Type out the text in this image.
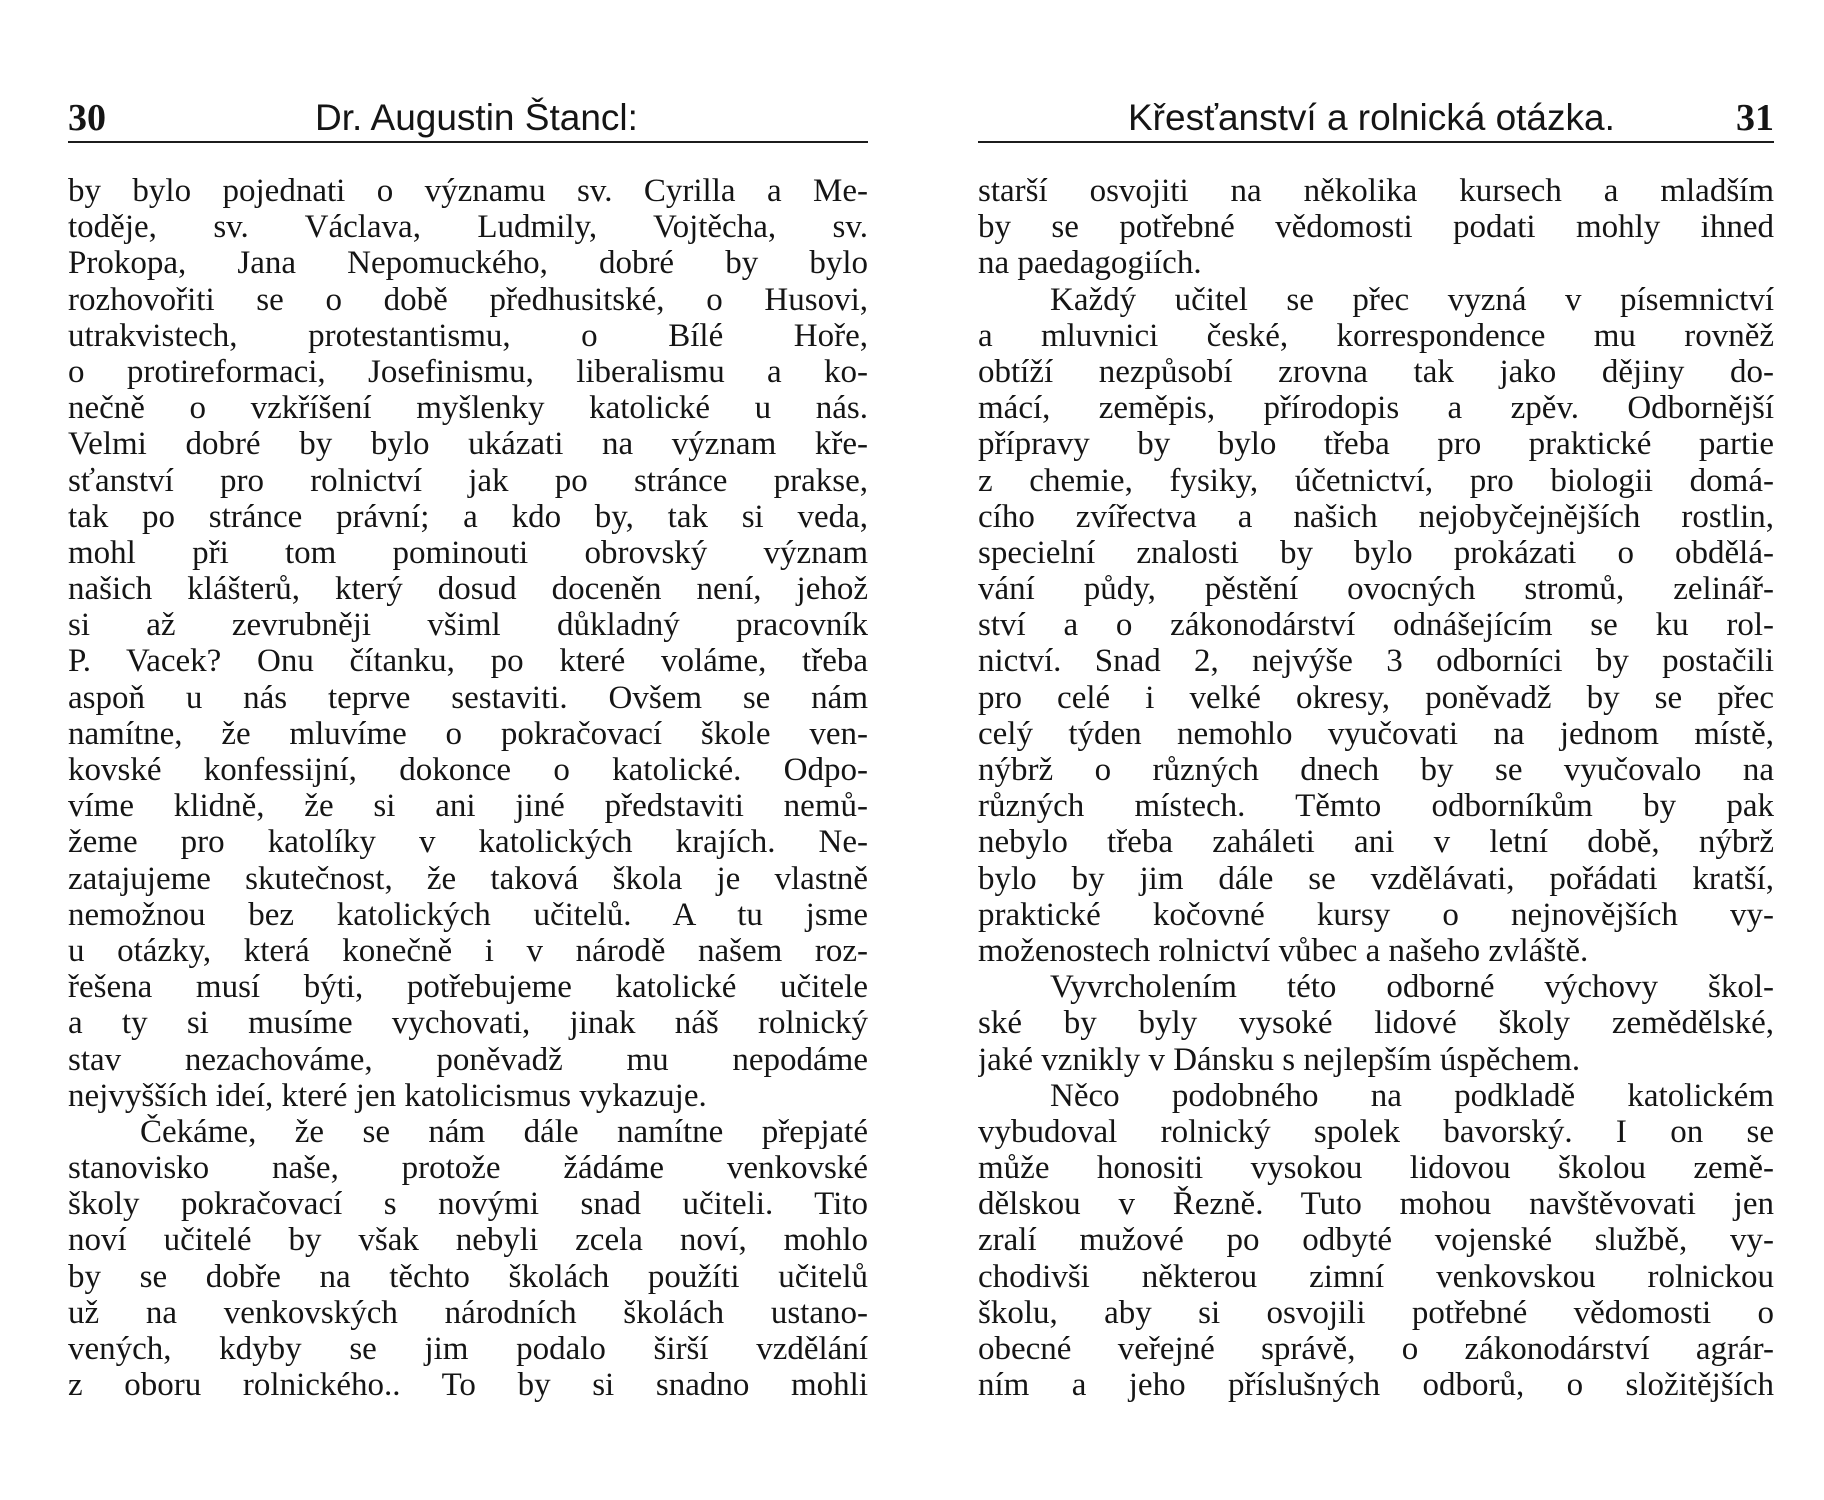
30	Dr. Augustin Štancl:
by bylo pojednati o významu sv. Cyrilla a Me-
toděje, sv. Václava, Ludmily, Vojtěcha, sv.
Prokopa, Jana Nepomuckého, dobré by bylo
rozhovořiti se o době předhusitské, o Husovi,
utrakvistech, protestantismu, o Bílé Hoře,
o protireformaci, Josefinismu, liberalismu a ko-
nečně o vzkříšení myšlenky katolické u nás.
Velmi dobré by bylo ukázati na význam kře-
sťanství pro rolnictví jak po stránce prakse,
tak po stránce právní; a kdo by, tak si veda,
mohl při tom pominouti obrovský význam
našich klášterů, který dosud doceněn není, jehož
si až zevrubněji všiml důkladný pracovník
P. Vacek? Onu čítanku, po které voláme, třeba
aspoň u nás teprve sestaviti. Ovšem se nám
namítne, že mluvíme o pokračovací škole ven-
kovské konfessijní, dokonce o katolické. Odpo-
víme klidně, že si ani jiné představiti nemů-
žeme pro katolíky v katolických krajích. Ne-
zatajujeme skutečnost, že taková škola je vlastně
nemožnou bez katolických učitelů. A tu jsme
u otázky, která konečně i v národě našem roz-
řešena musí býti, potřebujeme katolické učitele
a ty si musíme vychovati, jinak náš rolnický
stav nezachováme, poněvadž mu nepodáme
nejvyšších ideí, které jen katolicismus vykazuje.
Čekáme, že se nám dále namítne přepjaté
stanovisko naše, protože žádáme venkovské
školy pokračovací s novými snad učiteli. Tito
noví učitelé by však nebyli zcela noví, mohlo
by se dobře na těchto školách použíti učitelů
už na venkovských národních školách ustano-
vených, kdyby se jim podalo širší vzdělání
z oboru rolnického.. To by si snadno mohli
Křesťanství a rolnická otázka.	31
starší osvojiti na několika kursech a mladším
by se potřebné vědomosti podati mohly ihned
na paedagogiích.
Každý učitel se přec vyzná v písemnictví
a mluvnici české, korrespondence mu rovněž
obtíží nezpůsobí zrovna tak jako dějiny do-
mácí, zeměpis, přírodopis a zpěv. Odbornější
přípravy by bylo třeba pro praktické partie
z chemie, fysiky, účetnictví, pro biologii domá-
cího zvířectva a našich nejobyčejnějších rostlin,
specielní znalosti by bylo prokázati o obdělá-
vání půdy, pěstění ovocných stromů, zelinář-
ství a o zákonodárství odnášejícím se ku rol-
nictví. Snad 2, nejvýše 3 odborníci by postačili
pro celé i velké okresy, poněvadž by se přec
celý týden nemohlo vyučovati na jednom místě,
nýbrž o různých dnech by se vyučovalo na
různých místech. Těmto odborníkům by pak
nebylo třeba zaháleti ani v letní době, nýbrž
bylo by jim dále se vzdělávati, pořádati kratší,
praktické kočovné kursy o nejnovějších vy-
moženostech rolnictví vůbec a našeho zvláště.
Vyvrcholením této odborné výchovy škol-
ské by byly vysoké lidové školy zemědělské,
jaké vznikly v Dánsku s nejlepším úspěchem.
Něco podobného na podkladě katolickém
vybudoval rolnický spolek bavorský. I on se
může honositi vysokou lidovou školou země-
dělskou v Řezně. Tuto mohou navštěvovati jen
zralí mužové po odbyté vojenské službě, vy-
chodivši některou zimní venkovskou rolnickou
školu, aby si osvojili potřebné vědomosti o
obecné veřejné správě, o zákonodárství agrár-
ním a jeho příslušných odborů, o složitějších
